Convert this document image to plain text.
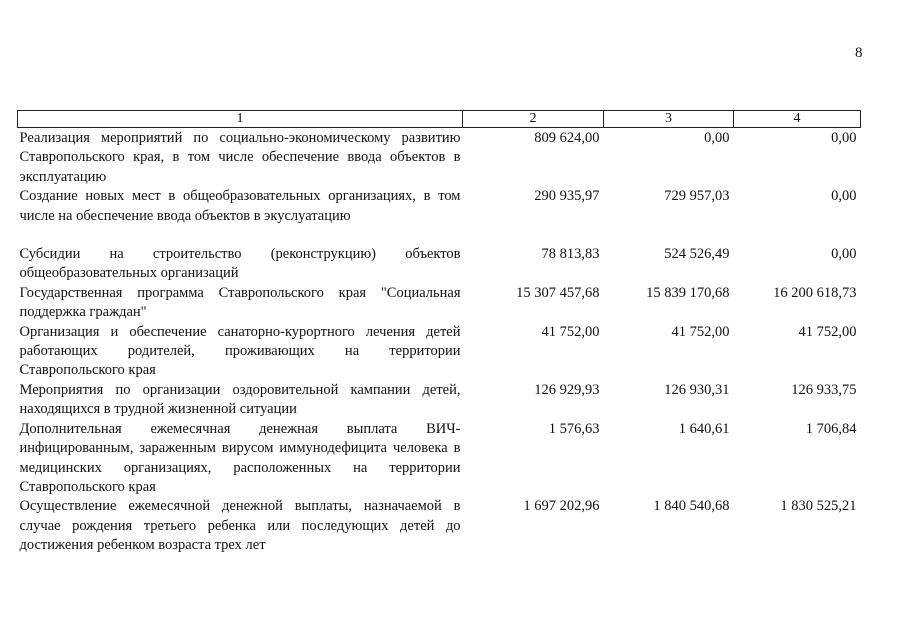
8
1	2	3	4
Реализация мероприятий по социально-экономическому развитию Ставропольского края, в том числе обеспечение ввода объектов в эксплуатацию	809 624,00	0,00	0,00
Создание новых мест в общеобразовательных организациях, в том числе на обеспечение ввода объектов в экуслуатацию	290 935,97	729 957,03	0,00
Субсидии на строительство (реконструкцию) объектов общеобразовательных организаций	78 813,83	524 526,49	0,00
Государственная программа Ставропольского края "Социальная поддержка граждан"	15 307 457,68	15 839 170,68	16 200 618,73
Организация и обеспечение санаторно-курортного лечения детей работающих родителей, проживающих на территории Ставропольского края	41 752,00	41 752,00	41 752,00
Мероприятия по организации оздоровительной кампании детей, находящихся в трудной жизненной ситуации	126 929,93	126 930,31	126 933,75
Дополнительная ежемесячная денежная выплата ВИЧ-инфицированным, зараженным вирусом иммунодефицита человека в медицинских организациях, расположенных на территории Ставропольского края	1 576,63	1 640,61	1 706,84
Осуществление ежемесячной денежной выплаты, назначаемой в случае рождения третьего ребенка или последующих детей до достижения ребенком возраста трех лет	1 697 202,96	1 840 540,68	1 830 525,21
